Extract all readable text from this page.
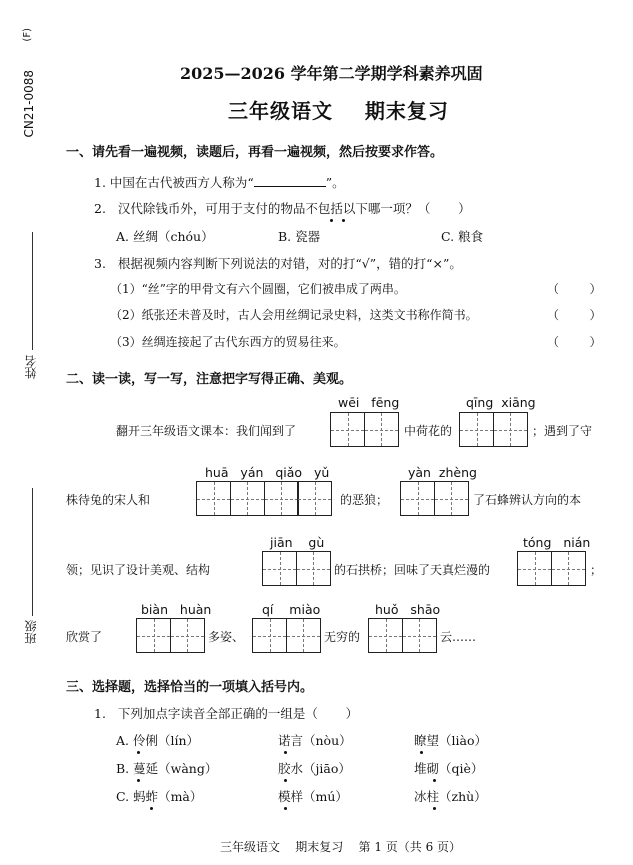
CN21-0088
(F)
姓名
班级
2025—2026 学年第二学期学科素养巩固
三年级语文    期末复习
一、请先看一遍视频，读题后，再看一遍视频，然后按要求作答。
1. 中国在古代被西方人称为“	”。
2.   汉代除钱币外，可用于支付的物品不包括以下哪一项？（       ）
A. 丝绸（chóu）	B. 瓷器	C. 粮食
3.   根据视频内容判断下列说法的对错，对的打“√”，错的打“×”。
（1）“丝”字的甲骨文有六个圆圈，它们被串成了两串。	（        ）
（2）纸张还未普及时，古人会用丝绸记录史料，这类文书称作简书。	（        ）
（3）丝绸连接起了古代东西方的贸易往来。	（        ）
二、读一读，写一写，注意把字写得正确、美观。
wēi   fēng	qīng  xiāng
翻开三年级语文课本：我们闻到了	中荷花的	；遇到了守
huā   yán   qiǎo   yǔ	yàn  zhèng
株待兔的宋人和	的恶狼；	了石蜂辨认方向的本
jiān    gù	tóng   nián
领；见识了设计美观、结构	的石拱桥；回味了天真烂漫的	；
biàn   huàn	qí    miào	huǒ   shāo
欣赏了	多姿、	无穷的	云……
三、选择题，选择恰当的一项填入括号内。
1.   下列加点字读音全部正确的一组是（       ）
A. 伶俐（lín）	诺言（nòu）	瞭望（liào）
B. 蔓延（wàng）	胶水（jiāo）	堆砌（qiè）
C. 蚂蚱（mà）	模样（mú）	冰柱（zhù）
三年级语文    期末复习    第 1 页（共 6 页）
